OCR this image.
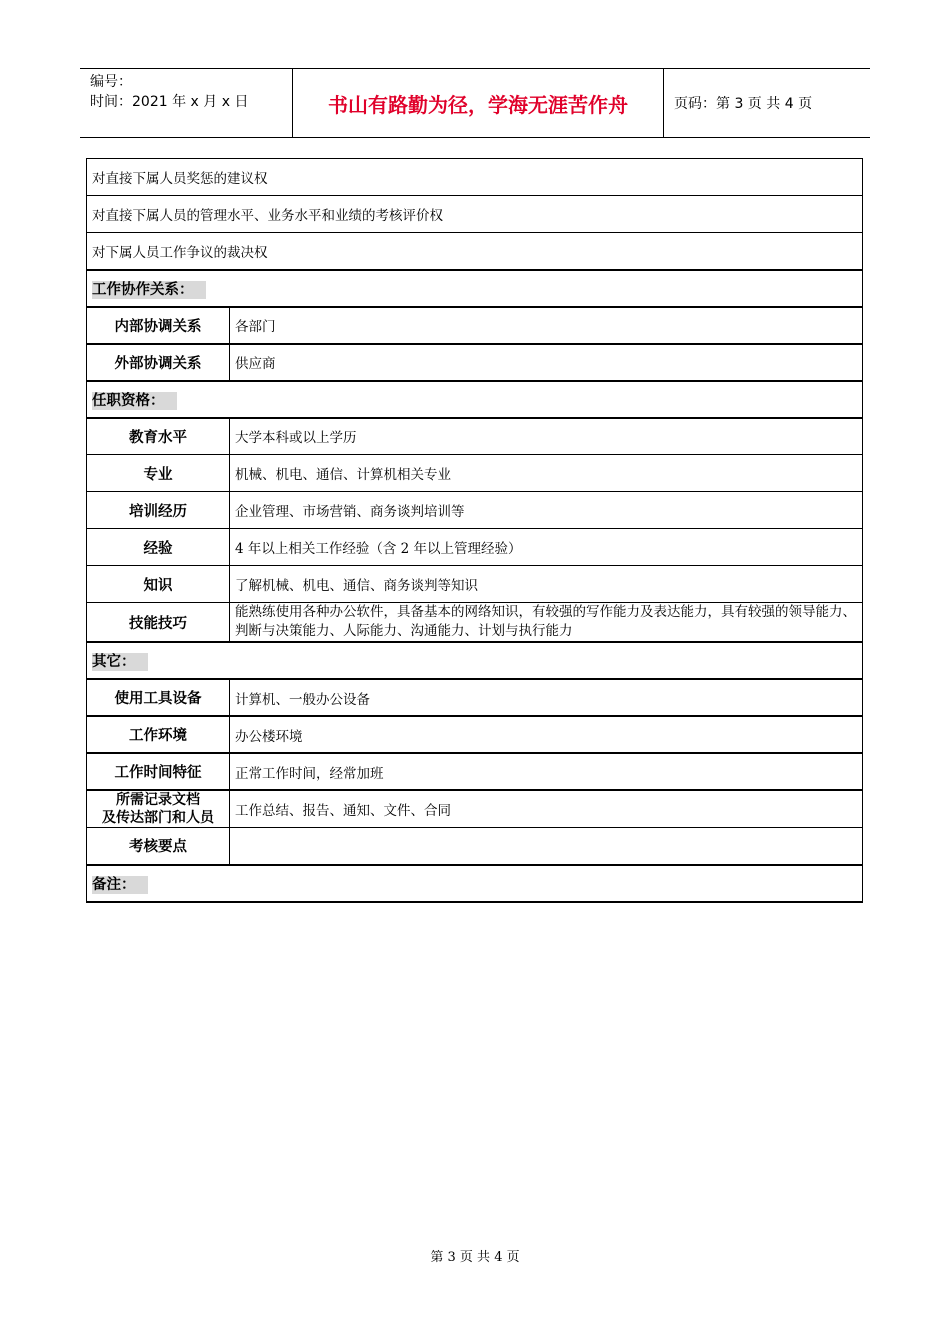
编号：
时间：2021 年 x 月 x 日	书山有路勤为径，学海无涯苦作舟	页码：第 3 页 共 4 页
对直接下属人员奖惩的建议权	
对直接下属人员的管理水平、业务水平和业绩的考核评价权	
对下属人员工作争议的裁决权	
工作协作关系：	
内部协调关系	各部门
外部协调关系	供应商
任职资格：	
教育水平	大学本科或以上学历
专业	机械、机电、通信、计算机相关专业
培训经历	企业管理、市场营销、商务谈判培训等
经验	4 年以上相关工作经验（含 2 年以上管理经验）
知识	了解机械、机电、通信、商务谈判等知识
技能技巧	能熟练使用各种办公软件，具备基本的网络知识，有较强的写作能力及表达能力，具有较强的领导能力、判断与决策能力、人际能力、沟通能力、计划与执行能力
其它：	
使用工具设备	计算机、一般办公设备
工作环境	办公楼环境
工作时间特征	正常工作时间，经常加班

所需记录文档
及传达部门和人员	工作总结、报告、通知、文件、合同
考核要点	
备注：	
第 3 页 共 4 页
